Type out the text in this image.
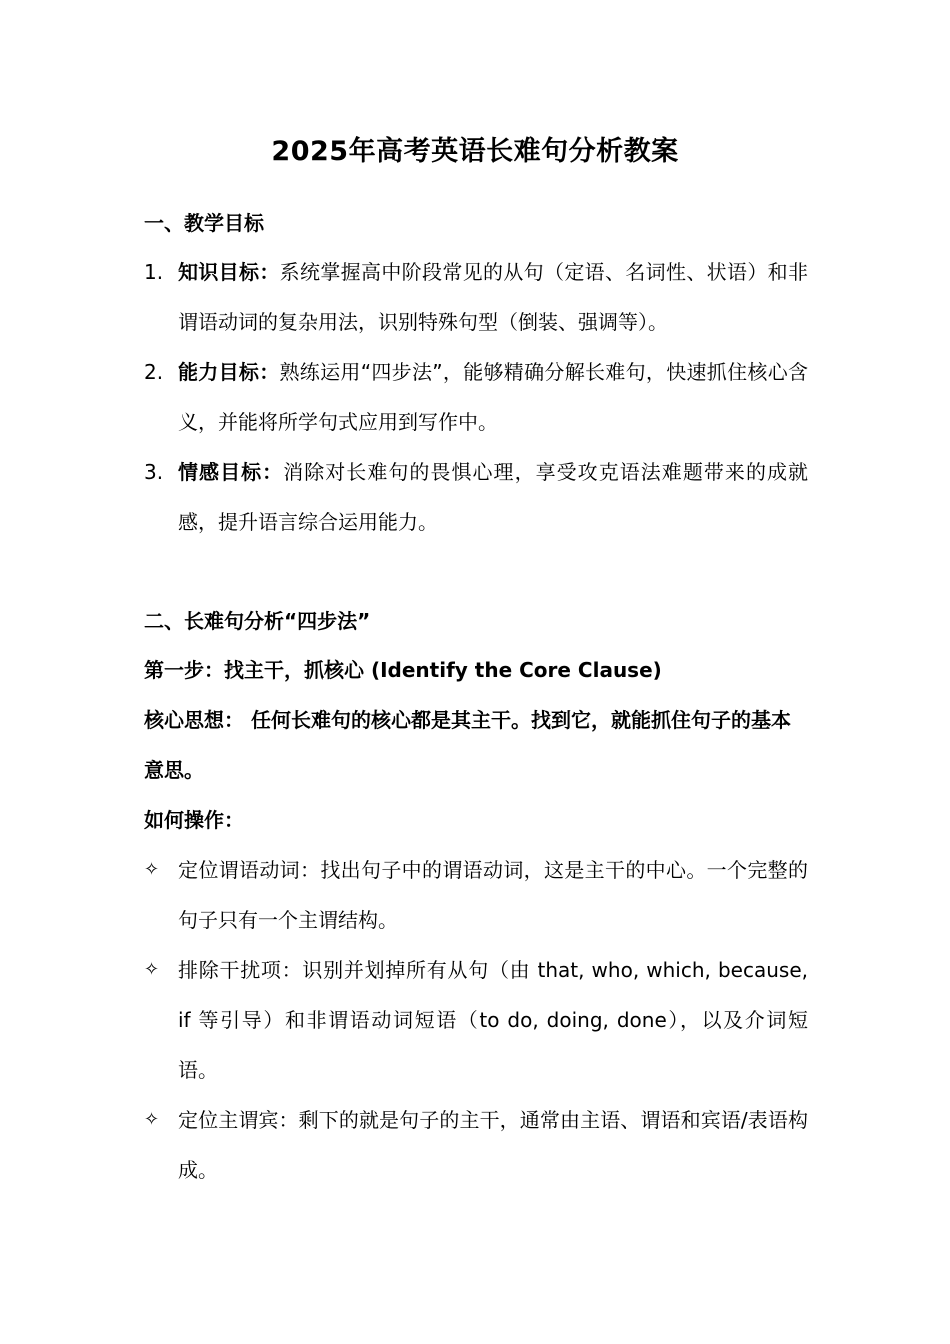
2025年高考英语长难句分析教案
一、教学目标
1. 知识目标：系统掌握高中阶段常见的从句（定语、名词性、状语）和非谓语动词的复杂用法，识别特殊句型（倒装、强调等）。
2. 能力目标：熟练运用“四步法”，能够精确分解长难句，快速抓住核心含义，并能将所学句式应用到写作中。
3. 情感目标：消除对长难句的畏惧心理，享受攻克语法难题带来的成就感，提升语言综合运用能力。
二、长难句分析“四步法”
第一步：找主干，抓核心 (Identify the Core Clause)
核心思想： 任何长难句的核心都是其主干。找到它，就能抓住句子的基本意思。
如何操作：
✧ 定位谓语动词：找出句子中的谓语动词，这是主干的中心。一个完整的句子只有一个主谓结构。
✧ 排除干扰项：识别并划掉所有从句（由 that, who, which, because, if 等引导）和非谓语动词短语（to do, doing, done），以及介词短语。
✧ 定位主谓宾：剩下的就是句子的主干，通常由主语、谓语和宾语/表语构成。
